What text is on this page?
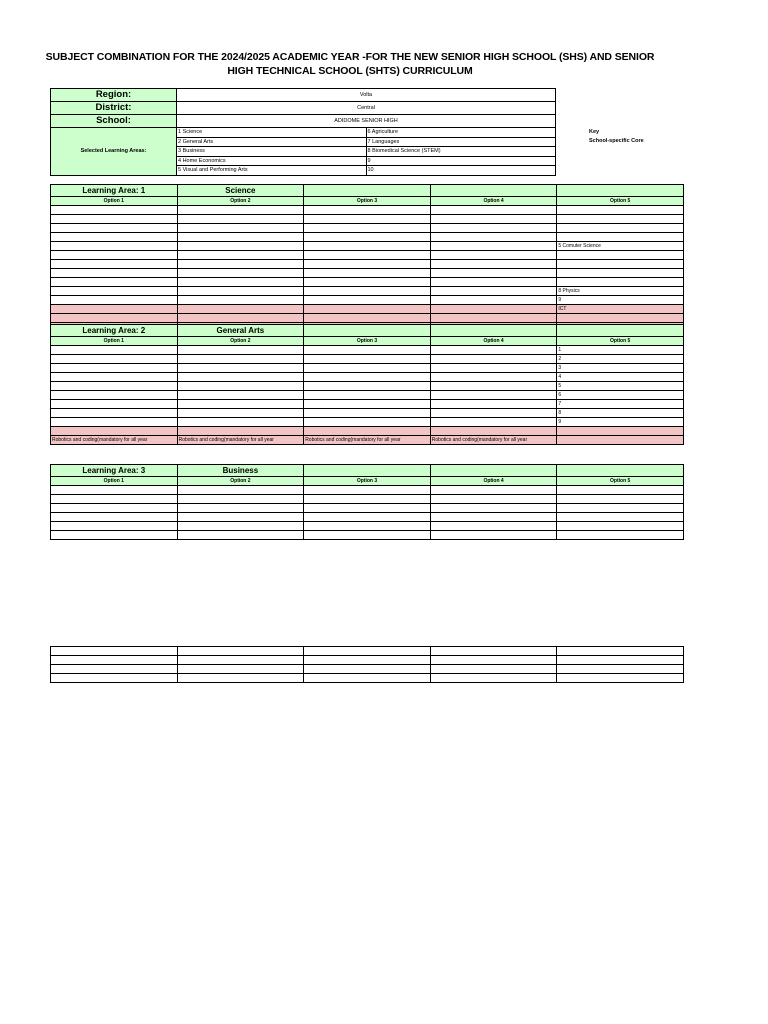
SUBJECT COMBINATION FOR THE 2024/2025 ACADEMIC YEAR -FOR THE NEW SENIOR HIGH SCHOOL (SHS) AND SENIOR HIGH TECHNICAL SCHOOL (SHTS) CURRICULUM
Region:	Volta	
District:	Central	
School:	ADIDOME SENIOR HIGH	
Selected Learning Areas:	1 Science	6 Agriculture
	2 General Arts	7 Languages
	3 Business	8 Biomedical Science (STEM)
	4 Home Economics	9
	5 Visual and Performing Arts	10
Key
School-specific Core
Learning Area: 1	Science			
Option 1	Option 2	Option 3	Option 4	Option 5

				5 Comuter Science

				8 Physics
				9
				ICT

Learning Area: 2	General Arts			
Option 1	Option 2	Option 3	Option 4	Option 5
				1
				2
				3
				4
				5
				6
				7
				8
				9

Robotics and coding(mandatory for all year	Robotics and coding(mandatory for all year	Robotics and coding(mandatory for all year	Robotics and coding(mandatory for all year	
Learning Area: 3	Business			
Option 1	Option 2	Option 3	Option 4	Option 5
